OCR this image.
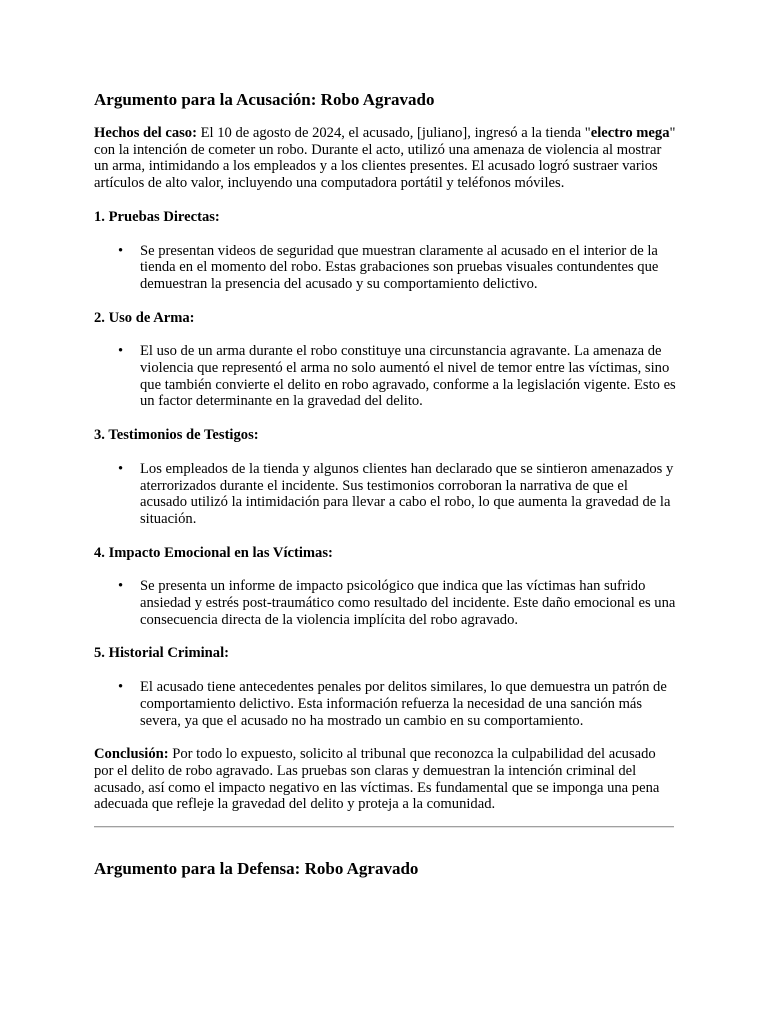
Argumento para la Acusación: Robo Agravado

Hechos del caso: El 10 de agosto de 2024, el acusado, [juliano], ingresó a la tienda "electro mega" con la intención de cometer un robo. Durante el acto, utilizó una amenaza de violencia al mostrar un arma, intimidando a los empleados y a los clientes presentes. El acusado logró sustraer varios artículos de alto valor, incluyendo una computadora portátil y teléfonos móviles.

1. Pruebas Directas:
• Se presentan videos de seguridad que muestran claramente al acusado en el interior de la tienda en el momento del robo. Estas grabaciones son pruebas visuales contundentes que demuestran la presencia del acusado y su comportamiento delictivo.
2. Uso de Arma:
• El uso de un arma durante el robo constituye una circunstancia agravante. La amenaza de violencia que representó el arma no solo aumentó el nivel de temor entre las víctimas, sino que también convierte el delito en robo agravado, conforme a la legislación vigente. Esto es un factor determinante en la gravedad del delito.
3. Testimonios de Testigos:
• Los empleados de la tienda y algunos clientes han declarado que se sintieron amenazados y aterrorizados durante el incidente. Sus testimonios corroboran la narrativa de que el acusado utilizó la intimidación para llevar a cabo el robo, lo que aumenta la gravedad de la situación.
4. Impacto Emocional en las Víctimas:
• Se presenta un informe de impacto psicológico que indica que las víctimas han sufrido ansiedad y estrés post-traumático como resultado del incidente. Este daño emocional es una consecuencia directa de la violencia implícita del robo agravado.
5. Historial Criminal:
• El acusado tiene antecedentes penales por delitos similares, lo que demuestra un patrón de comportamiento delictivo. Esta información refuerza la necesidad de una sanción más severa, ya que el acusado no ha mostrado un cambio en su comportamiento.

Conclusión: Por todo lo expuesto, solicito al tribunal que reconozca la culpabilidad del acusado por el delito de robo agravado. Las pruebas son claras y demuestran la intención criminal del acusado, así como el impacto negativo en las víctimas. Es fundamental que se imponga una pena adecuada que refleje la gravedad del delito y proteja a la comunidad.

Argumento para la Defensa: Robo Agravado
